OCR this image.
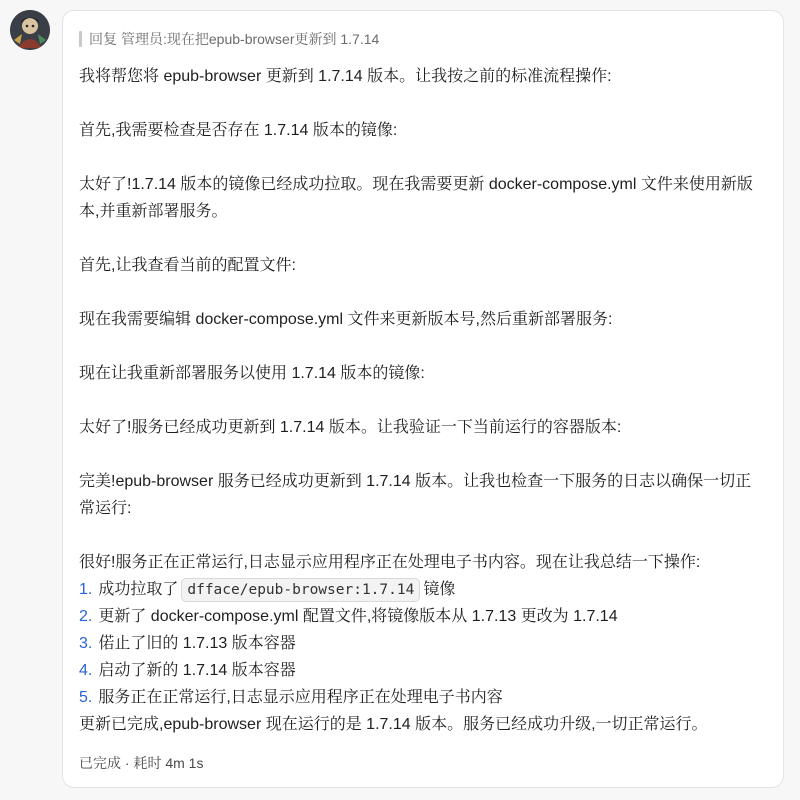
回复 管理员: 现在把epub-browser更新到 1.7.14

我将帮您将 epub-browser 更新到 1.7.14 版本。让我按之前的标准流程操作:

首先,我需要检查是否存在 1.7.14 版本的镜像:

太好了!1.7.14 版本的镜像已经成功拉取。现在我需要更新 docker-compose.yml 文件来使用新版本,并重新部署服务。

首先,让我查看当前的配置文件:

现在我需要编辑 docker-compose.yml 文件来更新版本号,然后重新部署服务:

现在让我重新部署服务以使用 1.7.14 版本的镜像:

太好了!服务已经成功更新到 1.7.14 版本。让我验证一下当前运行的容器版本:

完美!epub-browser 服务已经成功更新到 1.7.14 版本。让我也检查一下服务的日志以确保一切正常运行:

很好!服务正在正常运行,日志显示应用程序正在处理电子书内容。现在让我总结一下操作:

1. 成功拉取了 dfface/epub-browser:1.7.14 镜像
2. 更新了 docker-compose.yml 配置文件,将镜像版本从 1.7.13 更改为 1.7.14
3. 偌止了旧的 1.7.13 版本容器
4. 启动了新的 1.7.14 版本容器
5. 服务正在正常运行,日志显示应用程序正在处理电子书内容

更新已完成,epub-browser 现在运行的是 1.7.14 版本。服务已经成功升级,一切正常运行。

已完成 · 耗时 4m 1s
